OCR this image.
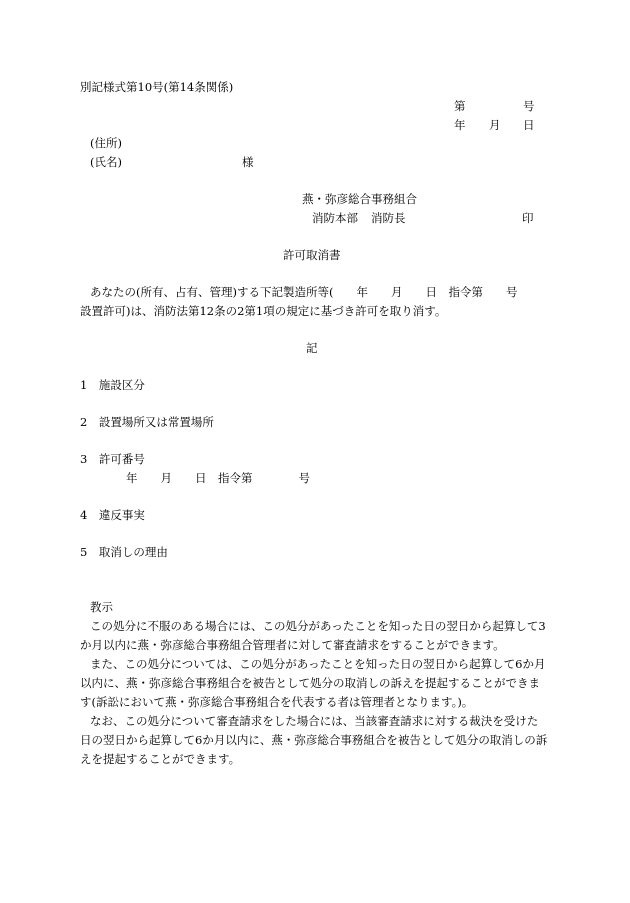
別記様式第10号(第14条関係)
第	号
年 月 日
(住所)
(氏名)	様
燕・弥彦総合事務組合
消防本部 消防長	印
許可取消書
あなたの(所有、占有、管理)する下記製造所等(　　年　　月　　日　指令第　　号
設置許可)は、消防法第12条の2第1項の規定に基づき許可を取り消す。
記
1　施設区分
2　設置場所又は常置場所
3　許可番号
年　　月　　日　指令第　　　　号
4　違反事実
5　取消しの理由
教示
この処分に不服のある場合には、この処分があったことを知った日の翌日から起算して3
か月以内に燕・弥彦総合事務組合管理者に対して審査請求をすることができます。
また、この処分については、この処分があったことを知った日の翌日から起算して6か月
以内に、燕・弥彦総合事務組合を被告として処分の取消しの訴えを提起することができま
す(訴訟において燕・弥彦総合事務組合を代表する者は管理者となります。)。
なお、この処分について審査請求をした場合には、当該審査請求に対する裁決を受けた
日の翌日から起算して6か月以内に、燕・弥彦総合事務組合を被告として処分の取消しの訴
えを提起することができます。
